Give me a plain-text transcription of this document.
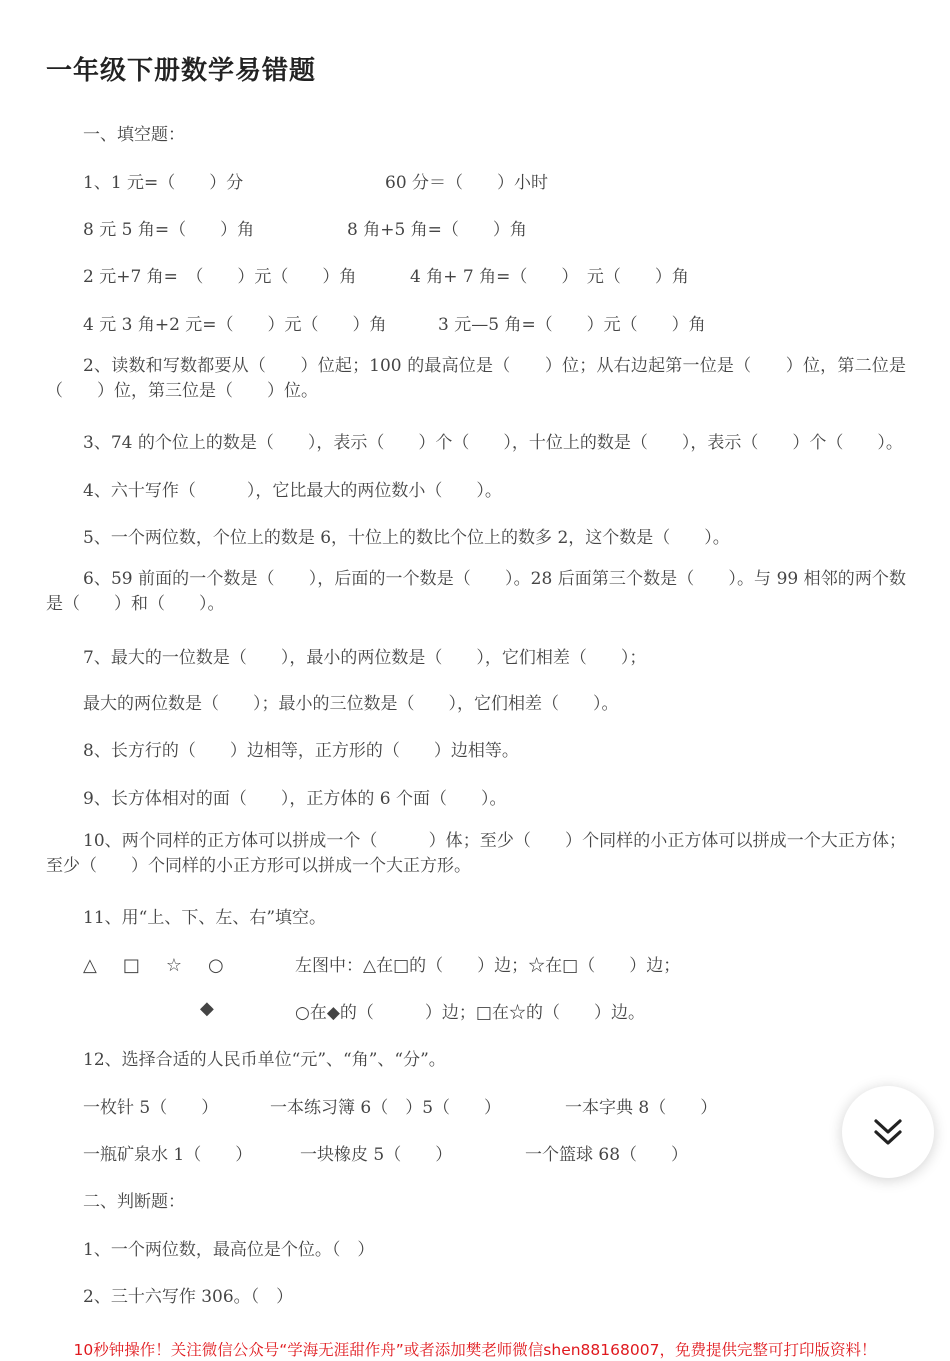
一年级下册数学易错题
一、填空题：
1、1 元=（　　）分	60 分＝（　　）小时
8 元 5 角=（　　）角	8 角+5 角=（　　）角
2 元+7 角=　（　　）元（　　）角	4 角+ 7 角=（　　）　元（　　）角
4 元 3 角+2 元=（　　）元（　　）角	3 元—5 角=（　　）元（　　）角
2、读数和写数都要从（　　）位起；100 的最高位是（　　）位；从右边起第一位是（　　）位，第二位是（　　）位，第三位是（　　）位。
3、74 的个位上的数是（　　），表示（　　）个（　　），十位上的数是（　　），表示（　　）个（　　）。
4、六十写作（　　　），它比最大的两位数小（　　）。
5、一个两位数，个位上的数是 6，十位上的数比个位上的数多 2，这个数是（　　）。
6、59 前面的一个数是（　　），后面的一个数是（　　）。28 后面第三个数是（　　）。与 99 相邻的两个数是（　　）和（　　）。
7、最大的一位数是（　　），最小的两位数是（　　），它们相差（　　）；
最大的两位数是（　　）；最小的三位数是（　　），它们相差（　　）。
8、长方行的（　　）边相等，正方形的（　　）边相等。
9、长方体相对的面（　　），正方体的 6 个面（　　）。
10、两个同样的正方体可以拼成一个（　　　）体；至少（　　）个同样的小正方体可以拼成一个大正方体；至少（　　）个同样的小正方形可以拼成一个大正方形。
11、用“上、下、左、右”填空。
△　□　☆　○	左图中：△在□的（　　）边；☆在□（　　）边；
◆	○在◆的（　　　）边；□在☆的（　　）边。
12、选择合适的人民币单位“元”、“角”、“分”。
一枚针 5（　　）	一本练习簿 6（　）5（　　）	一本字典 8（　　）
一瓶矿泉水 1（　　）	一块橡皮 5（　　）	一个篮球 68（　　）
二、判断题：
1、一个两位数，最高位是个位。（　）
2、三十六写作 306。（　）
10秒钟操作！关注微信公众号“学海无涯甜作舟”或者添加樊老师微信shen88168007，免费提供完整可打印版资料！
